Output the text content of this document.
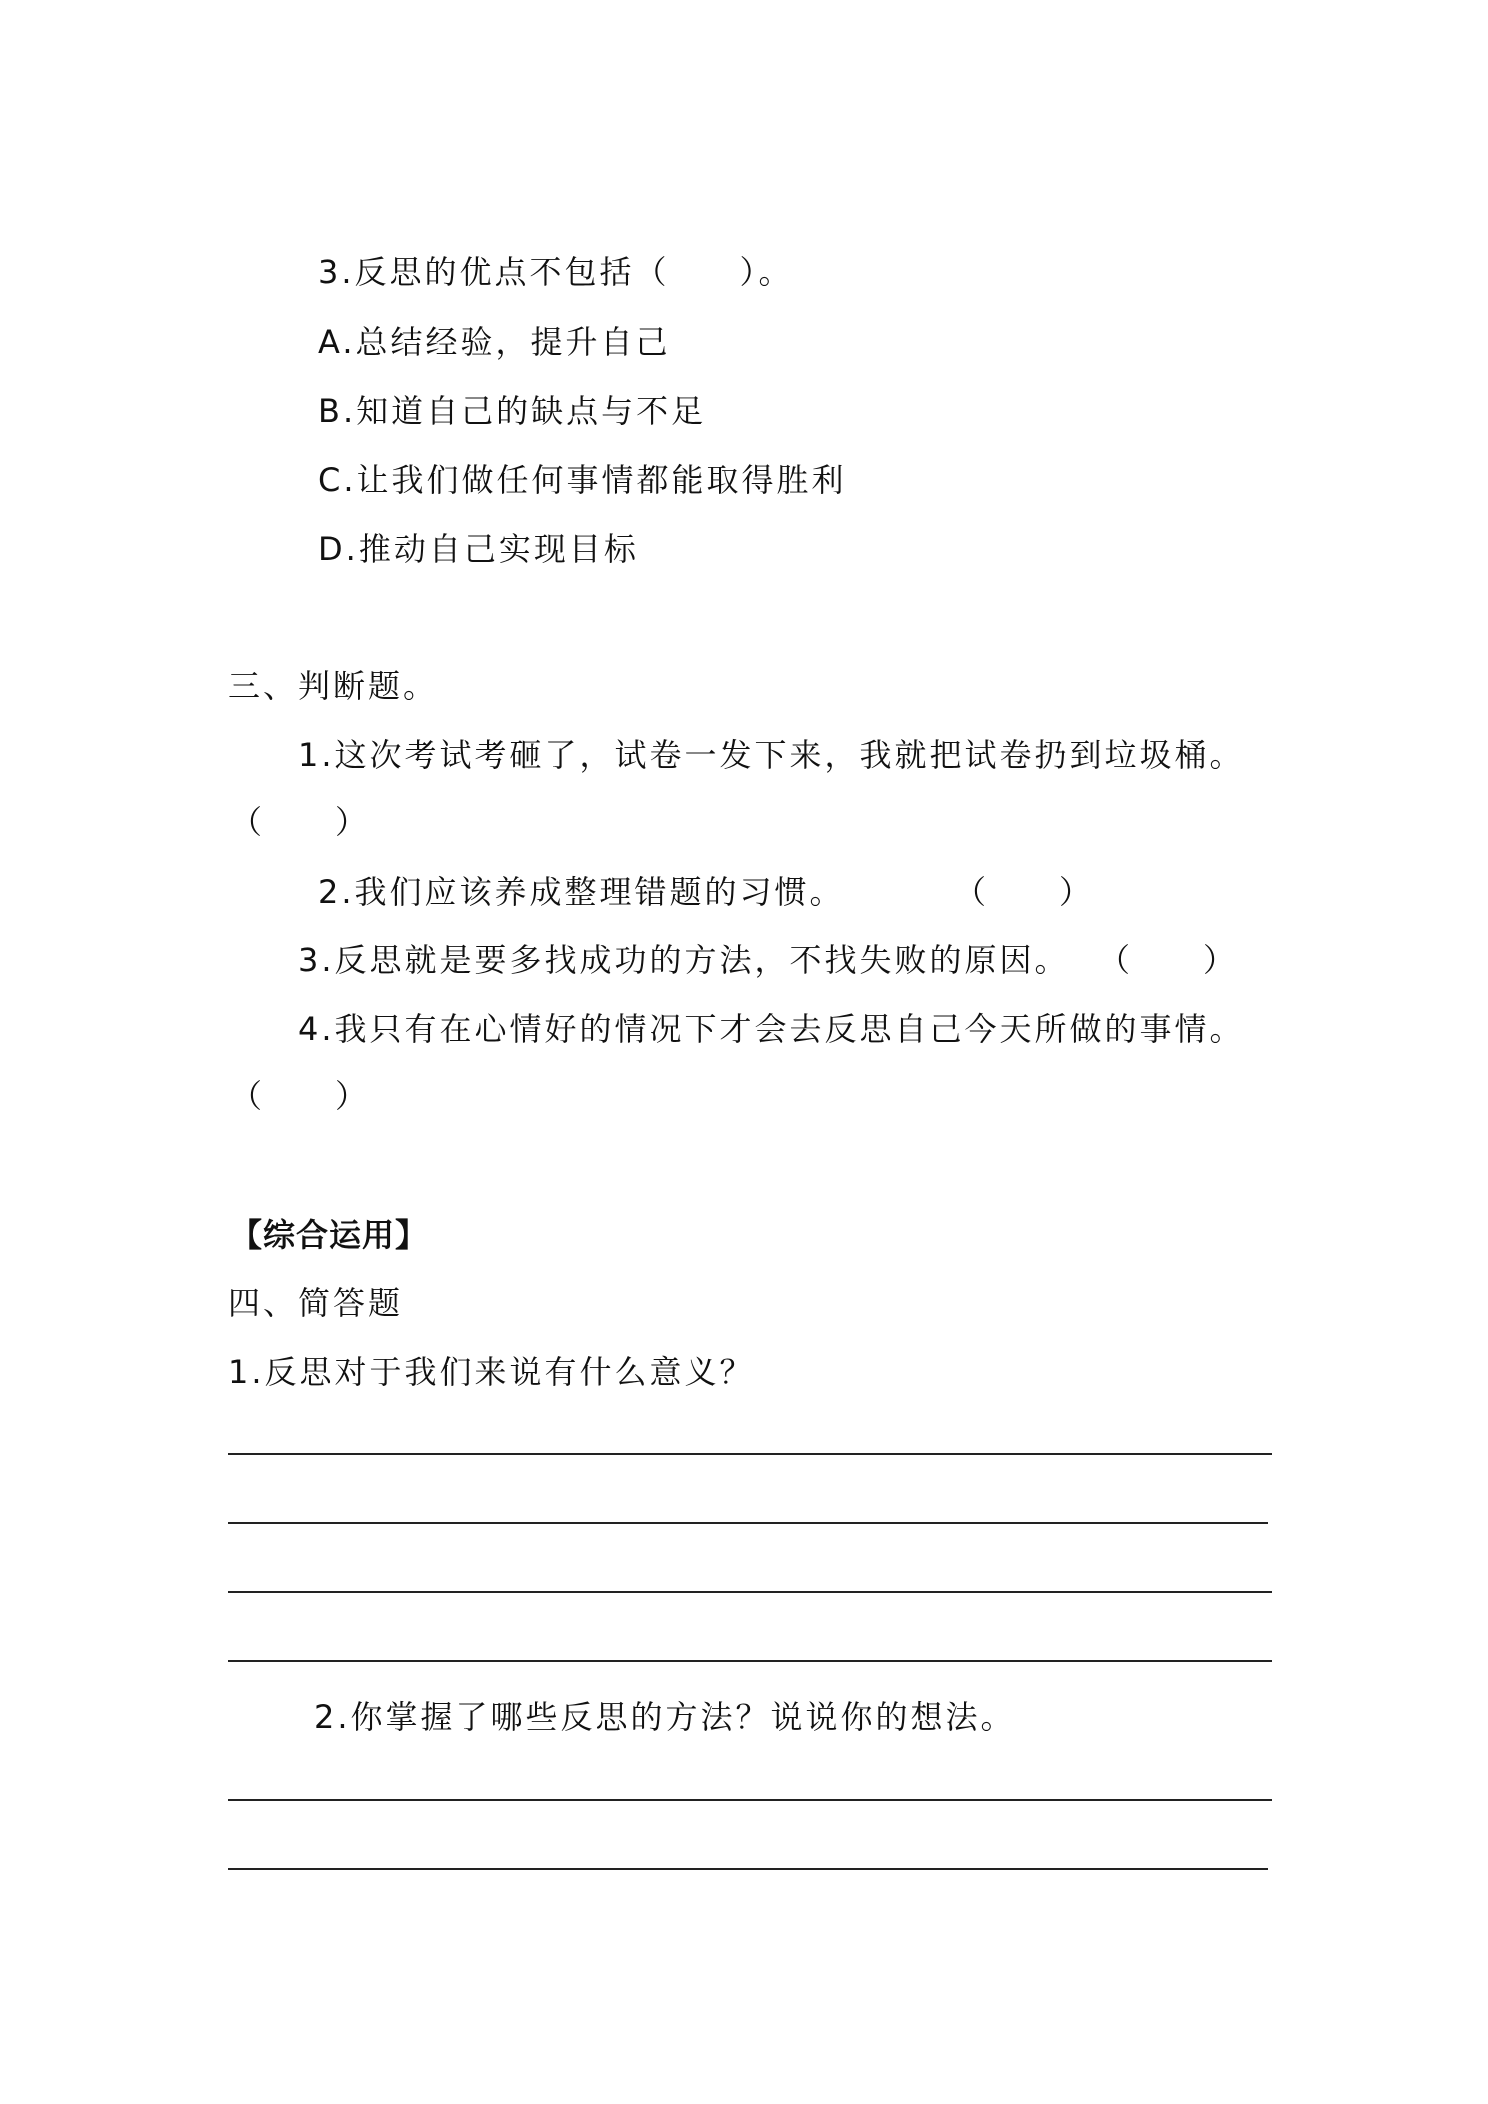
3.反思的优点不包括（　　）。
A.总结经验，提升自己
B.知道自己的缺点与不足
C.让我们做任何事情都能取得胜利
D.推动自己实现目标
三、判断题。
1.这次考试考砸了，试卷一发下来，我就把试卷扔到垃圾桶。
（　　）
2.我们应该养成整理错题的习惯。	（　　）
3.反思就是要多找成功的方法，不找失败的原因。 （　　）
4.我只有在心情好的情况下才会去反思自己今天所做的事情。
（　　）
【综合运用】
四、简答题
1.反思对于我们来说有什么意义？
2.你掌握了哪些反思的方法？说说你的想法。
